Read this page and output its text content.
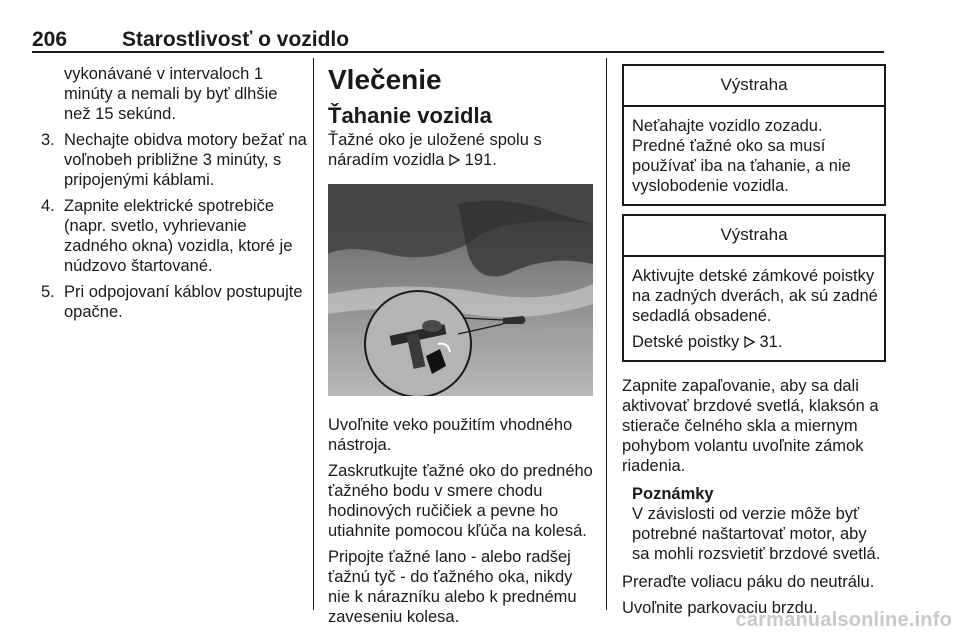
206	Starostlivosť o vozidlo

vykonávané v intervaloch 1 minúty a nemali by byť dlhšie než 15 sekúnd.

3. Nechajte obidva motory bežať na voľnobeh približne 3 minúty, s pripojenými káblami.
4. Zapnite elektrické spotrebiče (napr. svetlo, vyhrievanie zadného okna) vozidla, ktoré je núdzovo štartované.
5. Pri odpojovaní káblov postupujte opačne.
Vlečenie
Ťahanie vozidla

Ťažné oko je uložené spolu s náradím vozidla 191.

Uvoľnite veko použitím vhodného nástroja.

Zaskrutkujte ťažné oko do predného ťažného bodu v smere chodu hodinových ručičiek a pevne ho utiahnite pomocou kľúča na kolesá.

Pripojte ťažné lano - alebo radšej ťažnú tyč - do ťažného oka, nikdy nie k nárazníku alebo k prednému zaveseniu kolesa.

Výstraha
Neťahajte vozidlo zozadu. Predné ťažné oko sa musí používať iba na ťahanie, a nie vyslobodenie vozidla.
Výstraha

Aktivujte detské zámkové poistky na zadných dverách, ak sú zadné sedadlá obsadené.

Detské poistky 31.

Zapnite zapaľovanie, aby sa dali aktivovať brzdové svetlá, klaksón a stierače čelného skla a miernym pohybom volantu uvoľnite zámok riadenia.

Poznámky
V závislosti od verzie môže byť potrebné naštartovať motor, aby sa mohli rozsvietiť brzdové svetlá.

Preraďte voliacu páku do neutrálu.

Uvoľnite parkovaciu brzdu.

carmanualsonline.info
